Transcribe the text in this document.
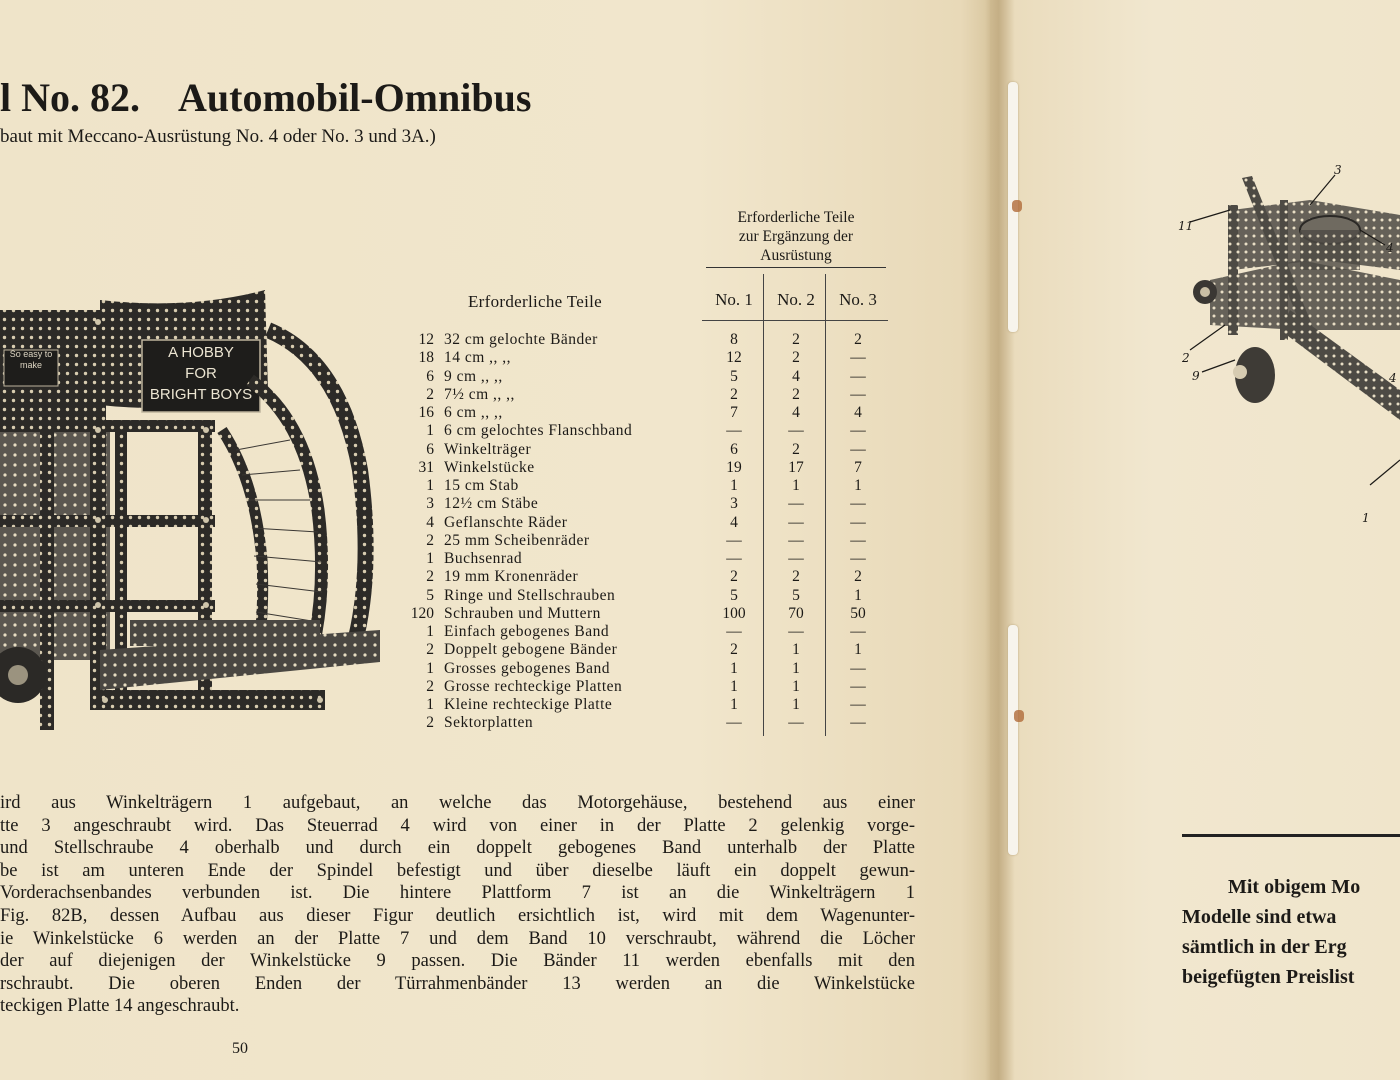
l No. 82. Automobil-Omnibus
baut mit Meccano-Ausrüstung No. 4 oder No. 3 und 3A.)
So easy to make
A HOBBY
FOR
BRIGHT BOYS
Erforderliche Teile
zur Ergänzung der
Ausrüstung
Erforderliche Teile	No. 1	No. 2	No. 3
12 32 cm gelochte Bänder	8	2	2
18 14 cm ,, ,,	12	2	—
6 9 cm ,, ,,	5	4	—
2 7½ cm ,, ,,	2	2	—
16 6 cm ,, ,,	7	4	4
1 6 cm gelochtes Flanschband	—	—	—
6 Winkelträger	6	2	—
31 Winkelstücke	19	17	7
1 15 cm Stab	1	1	1
3 12½ cm Stäbe	3	—	—
4 Geflanschte Räder	4	—	—
2 25 mm Scheibenräder	—	—	—
1 Buchsenrad	—	—	—
2 19 mm Kronenräder	2	2	2
5 Ringe und Stellschrauben	5	5	1
120 Schrauben und Muttern	100	70	50
1 Einfach gebogenes Band	—	—	—
2 Doppelt gebogene Bänder	2	1	1
1 Grosses gebogenes Band	1	1	—
2 Grosse rechteckige Platten	1	1	—
1 Kleine rechteckige Platte	1	1	—
2 Sektorplatten	—	—	—
ird aus Winkelträgern 1 aufgebaut, an welche das Motorgehäuse, bestehend aus einer
tte 3 angeschraubt wird. Das Steuerrad 4 wird von einer in der Platte 2 gelenkig vorge-
und Stellschraube 4 oberhalb und durch ein doppelt gebogenes Band unterhalb der Platte
be ist am unteren Ende der Spindel befestigt und über dieselbe läuft ein doppelt gewun-
Vorderachsenbandes verbunden ist. Die hintere Plattform 7 ist an die Winkelträgern 1
Fig. 82B, dessen Aufbau aus dieser Figur deutlich ersichtlich ist, wird mit dem Wagenunter-
ie Winkelstücke 6 werden an der Platte 7 und dem Band 10 verschraubt, während die Löcher
der auf diejenigen der Winkelstücke 9 passen. Die Bänder 11 werden ebenfalls mit den
rschraubt. Die oberen Enden der Türrahmenbänder 13 werden an die Winkelstücke
teckigen Platte 14 angeschraubt.
50
11
3
4
2
9	4
1
Mit obigem Mo
Modelle sind etwa
sämtlich in der Erg
beigefügten Preislist
